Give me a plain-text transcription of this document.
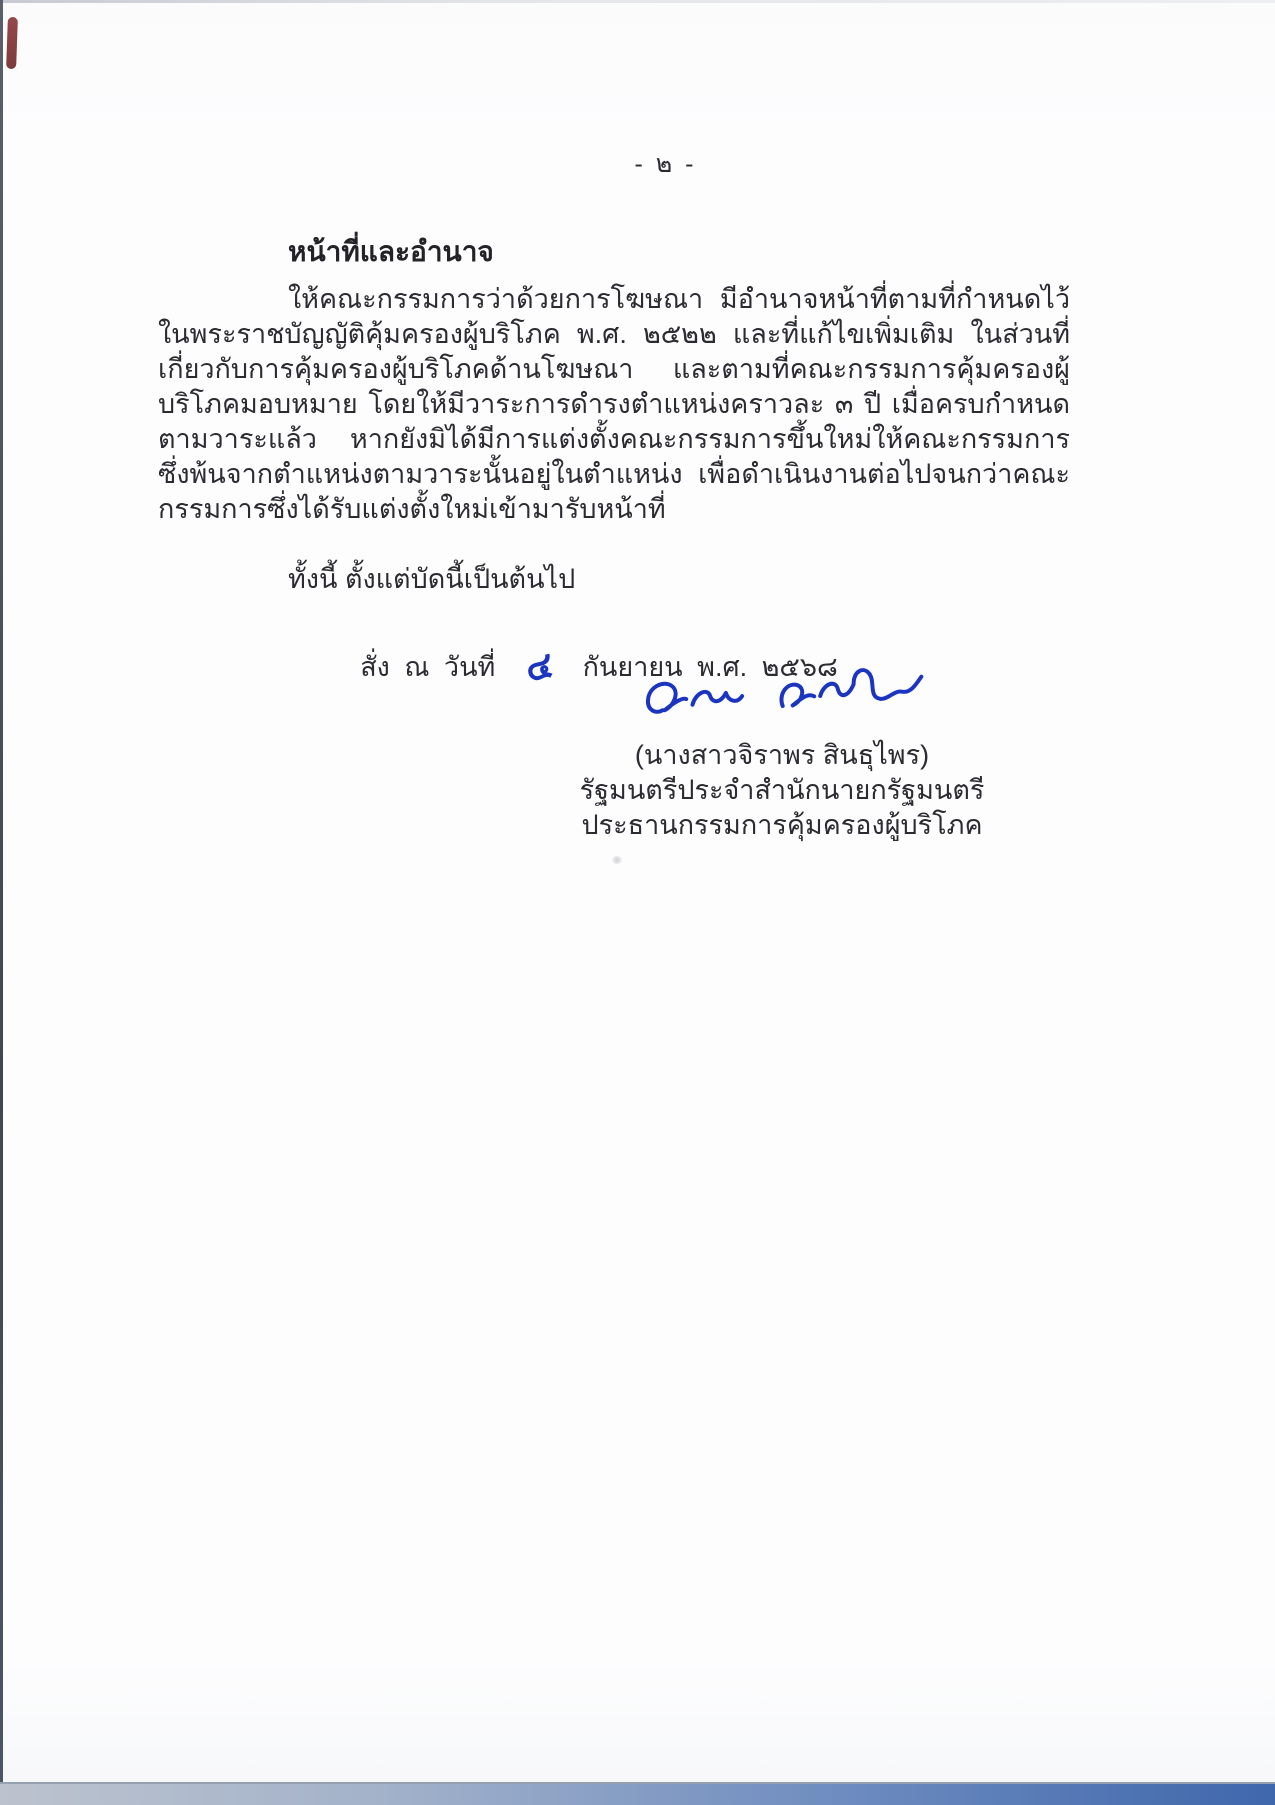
- ๒ -
หน้าที่และอำนาจ

ให้คณะกรรมการว่าด้วยการโฆษณา มีอำนาจหน้าที่ตามที่กำหนดไว้ในพระราชบัญญัติคุ้มครองผู้บริโภค พ.ศ. ๒๕๒๒ และที่แก้ไขเพิ่มเติม ในส่วนที่เกี่ยวกับการคุ้มครองผู้บริโภคด้านโฆษณา และตามที่คณะกรรมการคุ้มครองผู้บริโภคมอบหมาย โดยให้มีวาระการดำรงตำแหน่งคราวละ ๓ ปี เมื่อครบกำหนดตามวาระแล้ว หากยังมิได้มีการแต่งตั้งคณะกรรมการขึ้นใหม่ให้คณะกรรมการซึ่งพ้นจากตำแหน่งตามวาระนั้นอยู่ในตำแหน่ง เพื่อดำเนินงานต่อไปจนกว่าคณะกรรมการซึ่งได้รับแต่งตั้งใหม่เข้ามารับหน้าที่

ทั้งนี้ ตั้งแต่บัดนี้เป็นต้นไป

สั่ง ณ วันที่ ๔ กันยายน พ.ศ. ๒๕๖๘
(นางสาวจิราพร สินธุไพร)
รัฐมนตรีประจำสำนักนายกรัฐมนตรี
ประธานกรรมการคุ้มครองผู้บริโภค
